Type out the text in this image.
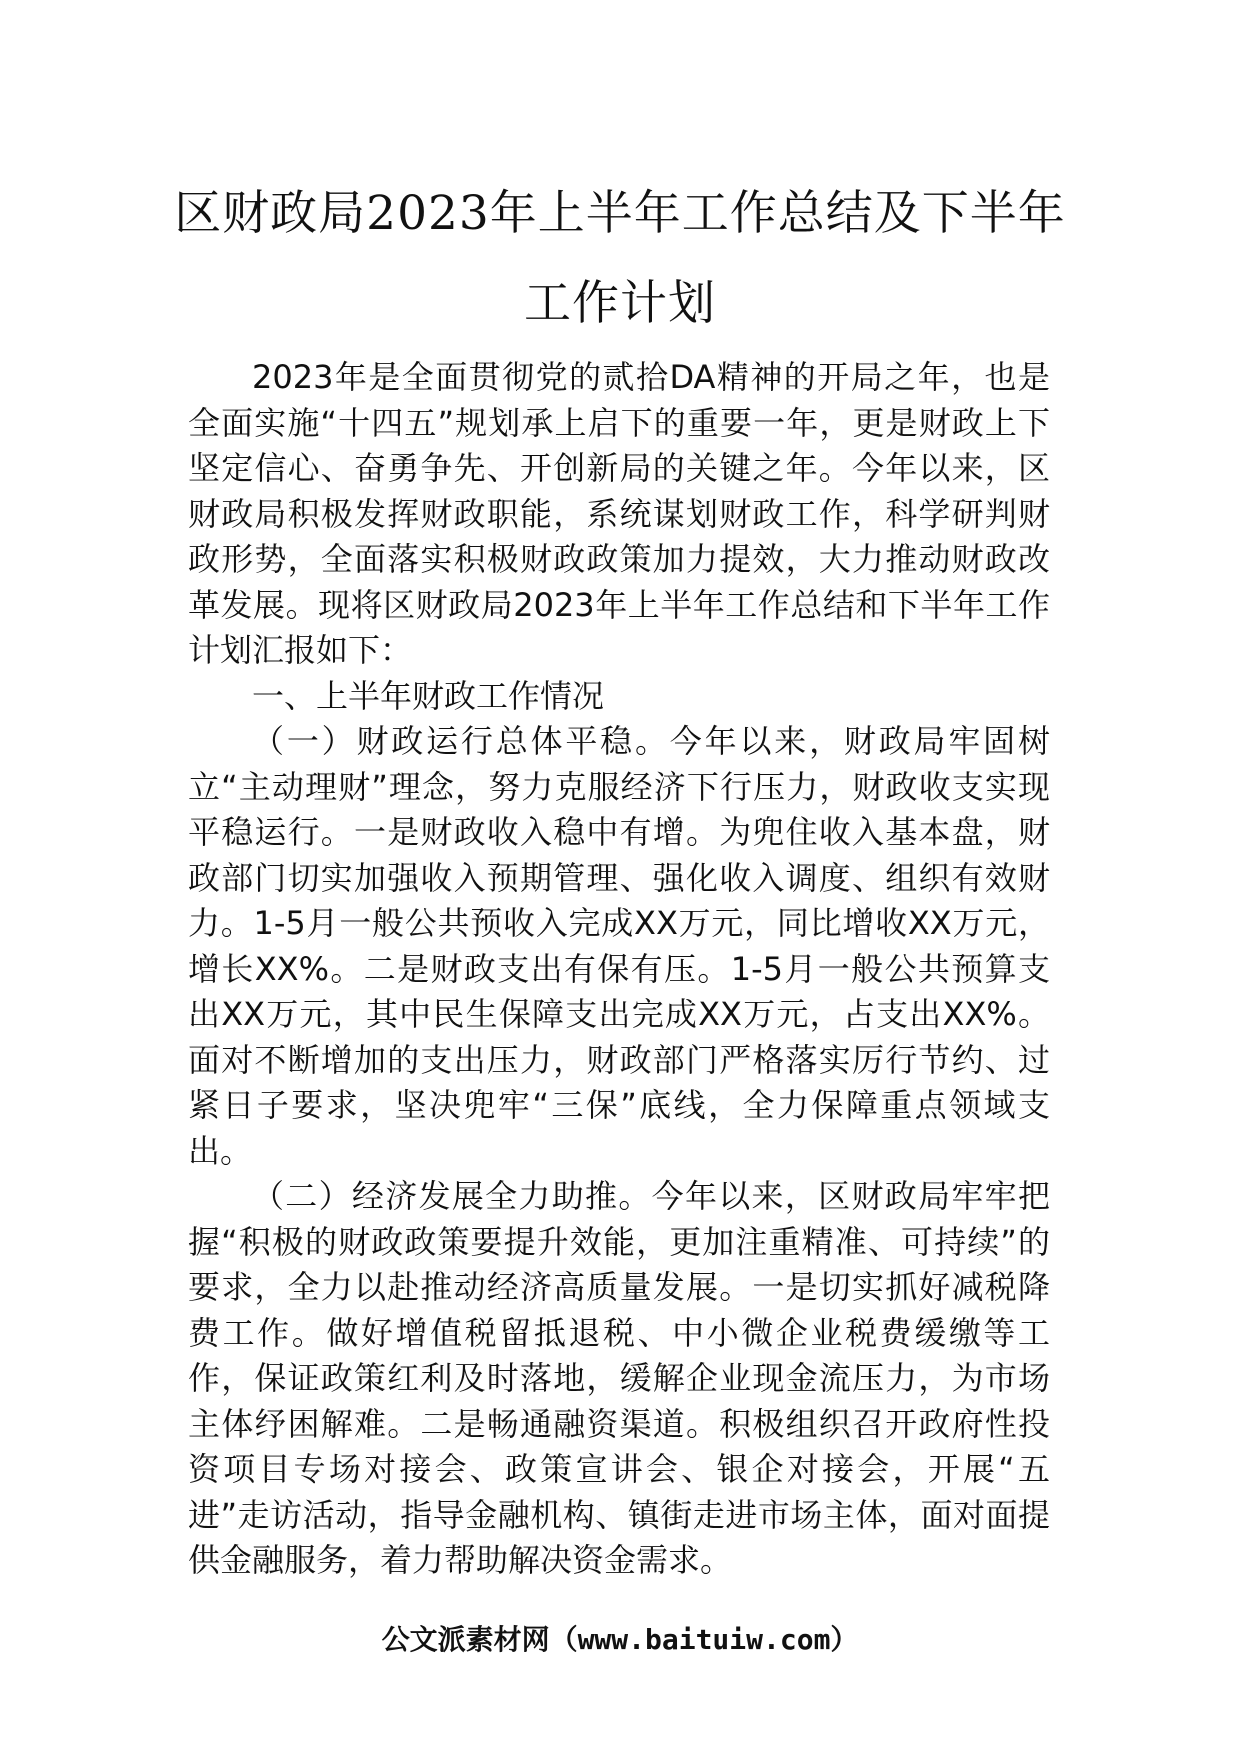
区财政局2023年上半年工作总结及下半年
工作计划

2023年是全面贯彻党的贰拾DA精神的开局之年，也是全面实施“十四五”规划承上启下的重要一年，更是财政上下坚定信心、奋勇争先、开创新局的关键之年。今年以来，区财政局积极发挥财政职能，系统谋划财政工作，科学研判财政形势，全面落实积极财政政策加力提效，大力推动财政改革发展。现将区财政局2023年上半年工作总结和下半年工作计划汇报如下：

一、上半年财政工作情况

（一）财政运行总体平稳。今年以来，财政局牢固树立“主动理财”理念，努力克服经济下行压力，财政收支实现平稳运行。一是财政收入稳中有增。为兜住收入基本盘，财政部门切实加强收入预期管理、强化收入调度、组织有效财力。1-5月一般公共预收入完成XX万元，同比增收XX万元，增长XX%。二是财政支出有保有压。1-5月一般公共预算支出XX万元，其中民生保障支出完成XX万元，占支出XX%。面对不断增加的支出压力，财政部门严格落实厉行节约、过紧日子要求，坚决兜牢“三保”底线，全力保障重点领域支出。

（二）经济发展全力助推。今年以来，区财政局牢牢把握“积极的财政政策要提升效能，更加注重精准、可持续”的要求，全力以赴推动经济高质量发展。一是切实抓好减税降费工作。做好增值税留抵退税、中小微企业税费缓缴等工作，保证政策红利及时落地，缓解企业现金流压力，为市场主体纾困解难。二是畅通融资渠道。积极组织召开政府性投资项目专场对接会、政策宣讲会、银企对接会，开展“五进”走访活动，指导金融机构、镇街走进市场主体，面对面提供金融服务，着力帮助解决资金需求。

公文派素材网（www.baituiw.com）
